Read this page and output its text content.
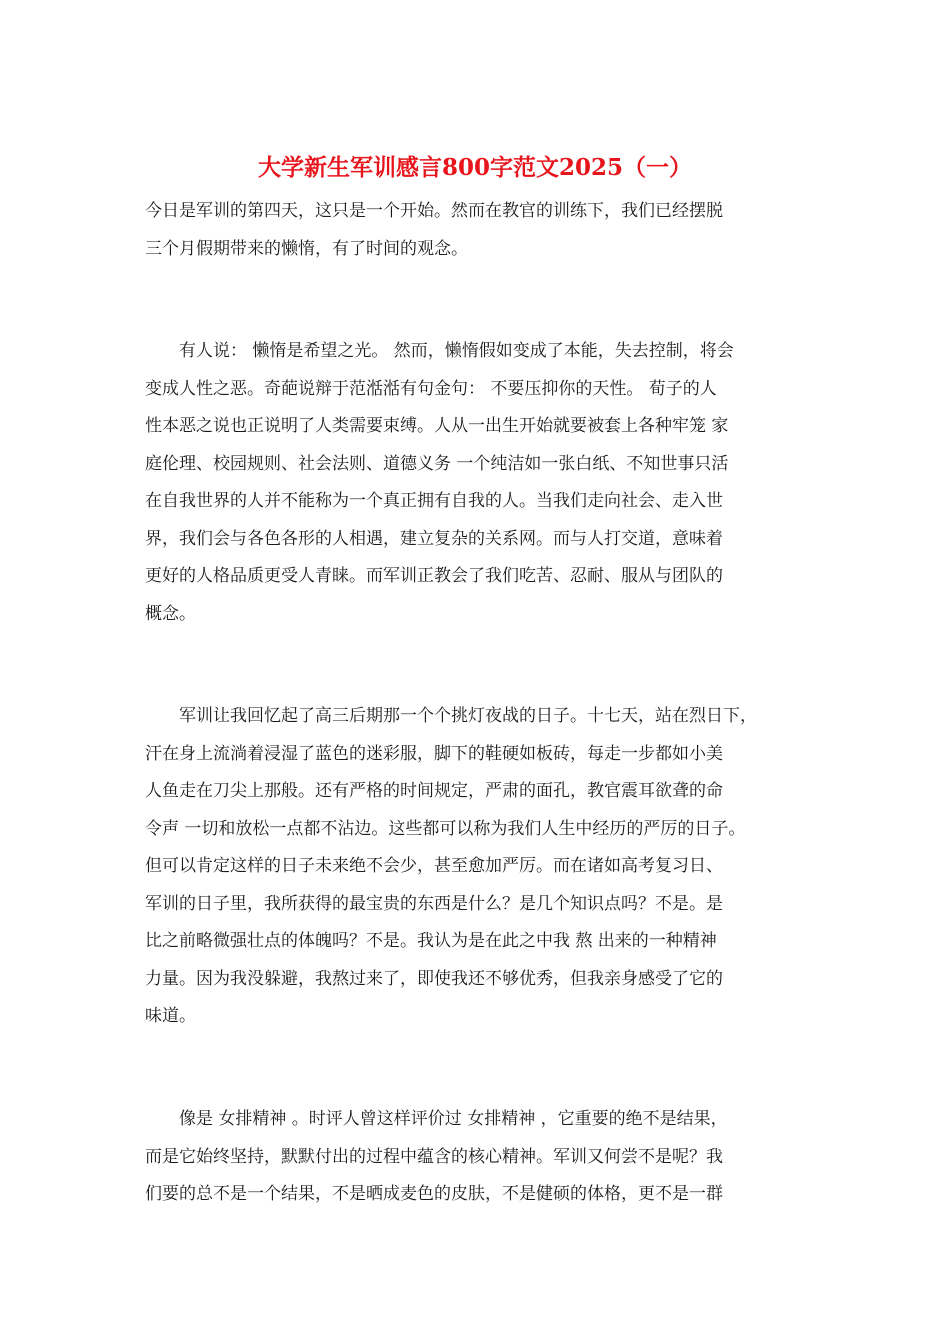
大学新生军训感言800字范文2025（一）
今日是军训的第四天，这只是一个开始。然而在教官的训练下，我们已经摆脱
三个月假期带来的懒惰，有了时间的观念。
　　有人说： 懒惰是希望之光。 然而，懒惰假如变成了本能，失去控制，将会
变成人性之恶。奇葩说辩于范湉湉有句金句： 不要压抑你的天性。 荀子的人
性本恶之说也正说明了人类需要束缚。人从一出生开始就要被套上各种牢笼 家
庭伦理、校园规则、社会法则、道德义务 一个纯洁如一张白纸、不知世事只活
在自我世界的人并不能称为一个真正拥有自我的人。当我们走向社会、走入世
界，我们会与各色各形的人相遇，建立复杂的关系网。而与人打交道，意味着
更好的人格品质更受人青睐。而军训正教会了我们吃苦、忍耐、服从与团队的
概念。
　　军训让我回忆起了高三后期那一个个挑灯夜战的日子。十七天，站在烈日下，
汗在身上流淌着浸湿了蓝色的迷彩服，脚下的鞋硬如板砖，每走一步都如小美
人鱼走在刀尖上那般。还有严格的时间规定，严肃的面孔，教官震耳欲聋的命
令声 一切和放松一点都不沾边。这些都可以称为我们人生中经历的严厉的日子。
但可以肯定这样的日子未来绝不会少，甚至愈加严厉。而在诸如高考复习日、
军训的日子里，我所获得的最宝贵的东西是什么？是几个知识点吗？不是。是
比之前略微强壮点的体魄吗？不是。我认为是在此之中我 熬 出来的一种精神
力量。因为我没躲避，我熬过来了，即使我还不够优秀，但我亲身感受了它的
味道。
　　像是 女排精神 。时评人曾这样评价过 女排精神 ，它重要的绝不是结果，
而是它始终坚持，默默付出的过程中蕴含的核心精神。军训又何尝不是呢？我
们要的总不是一个结果，不是晒成麦色的皮肤，不是健硕的体格，更不是一群
